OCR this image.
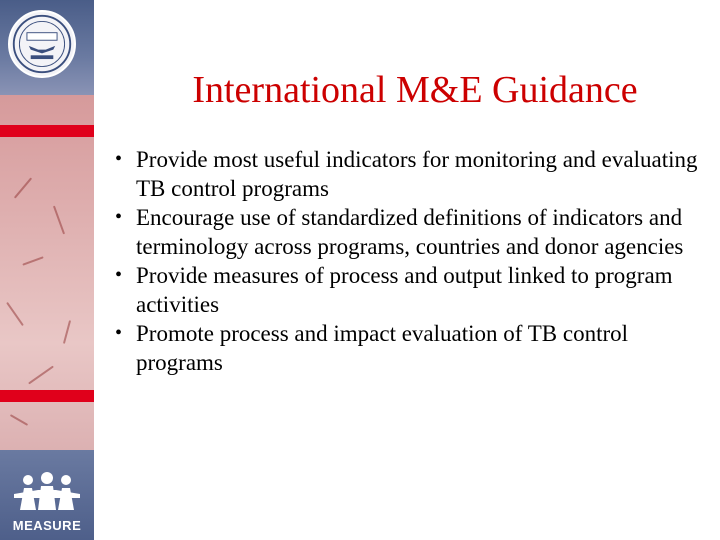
MEASURE
International M&E Guidance
• Provide most useful indicators for monitoring and evaluating TB control programs
• Encourage use of standardized definitions of indicators and terminology across programs, countries and donor agencies
• Provide measures of process and output linked to program activities
• Promote process and impact evaluation of TB control programs
